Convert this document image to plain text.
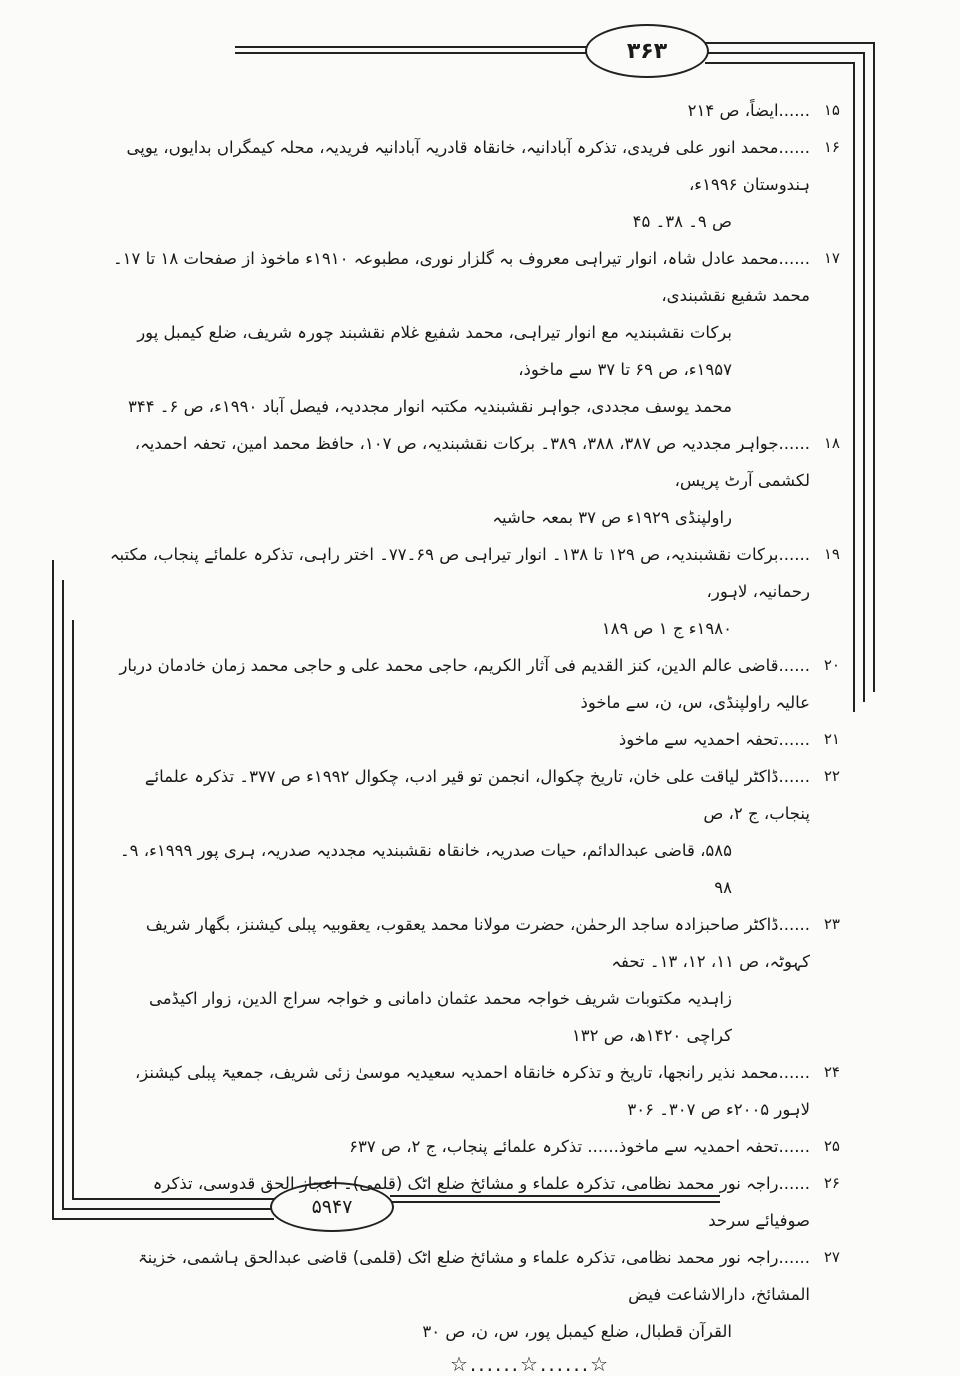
۳۶۳
۵۹۴۷
۱۵
......ایضاً، ص ۲۱۴
۱۶
......محمد انور علی فریدی، تذکرہ آبادانیہ، خانقاہ قادریہ آبادانیہ فریدیہ، محلہ کیمگراں بدایوں، یوپی ہندوستان ۱۹۹۶ء،
ص ۹۔ ۳۸۔ ۴۵
۱۷
......محمد عادل شاہ، انوار تیراہی معروف بہ گلزار نوری، مطبوعہ ۱۹۱۰ء ماخوذ از صفحات ۱۸ تا ۱۷۔ محمد شفیع نقشبندی،
برکات نقشبندیہ مع انوار تیراہی، محمد شفیع غلام نقشبند چورہ شریف، ضلع کیمبل پور ۱۹۵۷ء، ص ۶۹ تا ۳۷ سے ماخوذ،
محمد یوسف مجددی، جواہر نقشبندیہ مکتبہ انوار مجددیہ، فیصل آباد ۱۹۹۰ء، ص ۶۔ ۳۴۴
۱۸
......جواہر مجددیہ ص ۳۸۷، ۳۸۸، ۳۸۹۔ برکات نقشبندیہ، ص ۱۰۷، حافظ محمد امین، تحفہ احمدیہ، لکشمی آرٹ پریس،
راولپنڈی ۱۹۲۹ء ص ۳۷ بمعہ حاشیہ
۱۹
......برکات نقشبندیہ، ص ۱۲۹ تا ۱۳۸۔ انوار تیراہی ص ۶۹۔۷۷۔ اختر راہی، تذکرہ علمائے پنجاب، مکتبہ رحمانیہ، لاہور،
۱۹۸۰ء ج ۱ ص ۱۸۹
۲۰
......قاضی عالم الدین، کنز القدیم فی آثار الکریم، حاجی محمد علی و حاجی محمد زمان خادمان دربار عالیہ راولپنڈی، س، ن، سے ماخوذ
۲۱
......تحفہ احمدیہ سے ماخوذ
۲۲
......ڈاکٹر لیاقت علی خان، تاریخ چکوال، انجمن تو قیر ادب، چکوال ۱۹۹۲ء ص ۳۷۷۔ تذکرہ علمائے پنجاب، ج ۲، ص
۵۸۵، قاضی عبدالدائم، حیات صدریہ، خانقاہ نقشبندیہ مجددیہ صدریہ، ہری پور ۱۹۹۹ء، ۹۔ ۹۸
۲۳
......ڈاکٹر صاحبزادہ ساجد الرحمٰن، حضرت مولانا محمد یعقوب، یعقوبیہ پبلی کیشنز، بگھار شریف کہوٹہ، ص ۱۱، ۱۲، ۱۳۔ تحفہ
زاہدیہ مکتوبات شریف خواجہ محمد عثمان دامانی و خواجہ سراج الدین، زوار اکیڈمی کراچی ۱۴۲۰ھ، ص ۱۳۲
۲۴
......محمد نذیر رانجھا، تاریخ و تذکرہ خانقاہ احمدیہ سعیدیہ موسیٰ زئی شریف، جمعیۃ پبلی کیشنز، لاہور ۲۰۰۵ء ص ۳۰۷۔ ۳۰۶
۲۵
......تحفہ احمدیہ سے ماخوذ...... تذکرہ علمائے پنجاب، ج ۲، ص ۶۳۷
۲۶
......راجہ نور محمد نظامی، تذکرہ علماء و مشائخ ضلع اٹک (قلمی)۔ اعجاز الحق قدوسی، تذکرہ صوفیائے سرحد
۲۷
......راجہ نور محمد نظامی، تذکرہ علماء و مشائخ ضلع اٹک (قلمی) قاضی عبدالحق ہاشمی، خزینۃ المشائخ، دارالاشاعت فیض
القرآن قطبال، ضلع کیمبل پور، س، ن، ص ۳۰
☆......☆......☆
